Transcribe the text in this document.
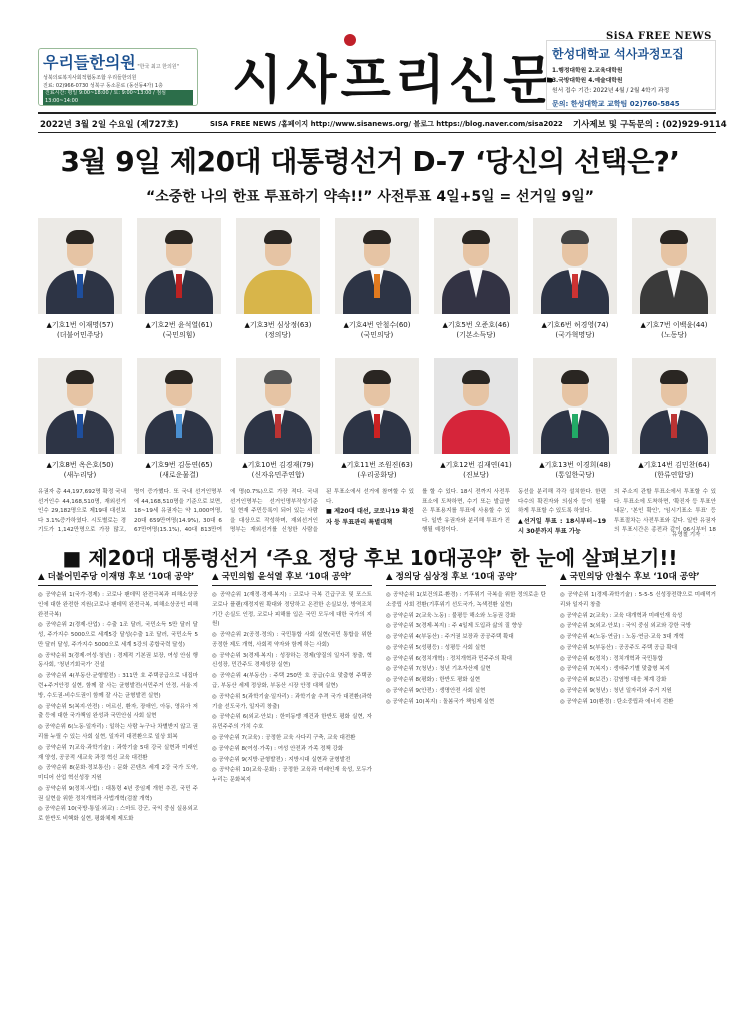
우리들한의원 "한국 최고 한의원"
성북의료복지사회적협동조합 우리들한의원
진료: 02)966-0730 성북구 동소문로 (동선동4가) 1층
진료시간: 평일 9:00~18:00 / 토: 9:00~13:00 / 점심 13:00~14:00
SiSA FREE NEWS
시사프리신문
한성대학교 석사과정모집
1.행정대학원 2.교육대학원
3.국방대학원 4.예술대학원
원서 접수 기간: 2022년 4월 / 2월 4학기 과정
문의: 한성대학교 교학팀 02)760-5845
2022년 3월 2일 수요일 (제727호)	SISA FREE NEWS /홈페이지 http://www.sisanews.org/ 블로그 https://blog.naver.com/sisa2022 기사제보 및 구독문의 : (02)929-9114
3월 9일 제20대 대통령선거 D-7 ‘당신의 선택은?’
“소중한 나의 한표 투표하기 약속!!” 사전투표 4일+5일 = 선거일 9일”
▲기호1번 이재명(57)
(더불어민주당)
▲기호2번 윤석열(61)
(국민의힘)
▲기호3번 심상정(63)
(정의당)
▲기호4번 안철수(60)
(국민의당)
▲기호5번 오준호(46)
(기본소득당)
▲기호6번 허경영(74)
(국가혁명당)
▲기호7번 이백윤(44)
(노동당)
▲기호8번 옥은호(50)
(새누리당)
▲기호9번 김동연(65)
(새로운물결)
▲기호10번 김경재(79)
(신자유민주연합)
▲기호11번 조원진(63)
(우리공화당)
▲기호12번 김재연(41)
(진보당)
▲기호13번 이경희(48)
(통일한국당)
▲기호14번 김민찬(64)
(한류연합당)
유권자 총 44,197,692명 확정 국내선거인수 44,168,510명, 재외선거인수 29,182명으로 제19대 대선보다 3.1%증가하였다. 시도별로는 경기도가 1,142만명으로 가장 많고,
명이 증가했다. 또 국내 선거인명부에 44,168,510명을 기준으로 보면, 18~19세 유권자는 약 1,000여명, 20대 659만여명(14.9%), 30대 667만여명(15.1%), 40대 813만여
에 명(0.7%)으로 가장 적다. 국내 선거인명부는 선거인명부작성기준일 현재 주민등록이 되어 있는 사람을 대상으로 작성하며, 재외선거인명부는 재외선거를 신청한 사람을
된 투표소에서 선거에 참여할 수 있다.
■ 제20대 대선, 코로나19 확진자 등 투표관리 특별대책
를 할 수 있다. 18시 전까지 사전투표소에 도착하면, 수기 또는 발급받은 투표용지를 투표에 사용할 수 있다. 일반 유권자와 분리해 투표가 진행될 예정이다.
동선을 분리해 각각 설치한다. 한편 다수의 확진자와 의심자 등이 원활하게 투표할 수 있도록 하였다.
▲선거일 투표 : 18시부터~19시 30분까지 투표 가능
의 주소지 관할 투표소에서 투표할 수 있다. 투표소에 도착하면, '확진자 등 투표안내문', '본인 확인', '임시기표소 투표' 등 투표절차는 사전투표와 같다. 일반 유권자의 투표시간은 종전과 같이 06시부터 18
유영철 기자
■ 제20대 대통령선거 ‘주요 정당 후보 10대공약’ 한 눈에 살펴보기!!
▲ 더불어민주당 이재명 후보 ‘10대 공약’

◎ 공약순위 1(국가·경제) : 코로나 팬데믹 완전극복과 피해소상공인에 대한 완전한 지원(코로나 팬데믹 완전극복, 피해소상공인 피해 완전극복)

◎ 공약순위 2(경제·산업) : 수출 1조 달러, 국민소득 5만 달러 달성, 주가지수 5000으로 세계5강 달성(수출 1조 달러, 국민소득 5만 달러 달성, 주가지수 5000으로 세계 5강의 종합국력 달성)

◎ 공약순위 3(경제·여성·청년) : 경제적 기본권 보장, 여성 안심 행동사회, '청년기회국가' 건설

◎ 공약순위 4(부동산·균형발전) : 311만 호 주택공급으로 내집마련+주거안정 실현, 함께 잘 사는 균형발전(서민주거 안정, 서울·지방, 수도권-비수도권이 함께 잘 사는 균형발전 실현)

◎ 공약순위 5(복지·안전) : 어르신, 환자, 장애인, 아동, 영유아 저출 등에 대한 국가책임 완성과 국민안심 사회 실현

◎ 공약순위 6(노동·일자리) : 일하는 사람 누구나 차별받지 않고 권리를 누릴 수 있는 사회 실현, 일자리 대전환으로 일상 회복

◎ 공약순위 7(교육·과학기술) : 과학기술 5대 강국 실현과 미래인재 양성, 공공적 새교육 과정 혁신 교육 대전환

◎ 공약순위 8(문화·정보통신) : 문화 콘텐츠 세계 2강 국가 도약, 미디어 산업 혁신성장 지원

◎ 공약순위 9(정치·사법) : 대통령 4년 중임제 개헌 추진, 국민 주권 실현을 위한 정치개혁과 사법개혁(검찰 개혁)

◎ 공약순위 10(국방·통일·외교) : 스마트 강군, 국익 중심 실용외교로 한반도 비핵화 실현, 평화체제 제도화

▲ 국민의힘 윤석열 후보 ‘10대 공약’

◎ 공약순위 1(재정·경제·복지) : 코로나 극복 긴급구조 및 포스트 코로나 플랜(재정지원 확대와 정당하고 온전한 손실보상, 방역조치 기간 손실도 인정, 코로나 피해를 입은 국민 모두에 대한 국가의 지원)

◎ 공약순위 2(공정·정의) : 국민통합 사회 실현(국민 통합을 위한 공정한 제도 개혁, 사회적 약자와 함께 하는 사회)

◎ 공약순위 3(경제·복지) : 성장하는 경제(양질의 일자리 창출, 혁신성장, 민간주도 경제성장 실현)

◎ 공약순위 4(부동산) : 주택 250만 호 공급(수요 맞춤형 주택공급, 부동산 세제 정상화, 부동산 시장 안정 대책 실현)

◎ 공약순위 5(과학기술·일자리) : 과학기술 추격 국가 대전환(과학기술 선도국가, 일자리 창출)

◎ 공약순위 6(외교·안보) : 한미동맹 재건과 한반도 평화 실현, 자유민주주의 가치 수호

◎ 공약순위 7(교육) : 공정한 교육 사다리 구축, 교육 대전환

◎ 공약순위 8(여성·가족) : 여성 안전과 가족 정책 강화

◎ 공약순위 9(지방·균형발전) : 지방시대 실현과 균형발전

◎ 공약순위 10(교육·문화) : 공정한 교육과 미래인재 육성, 모두가 누리는 문화복지

▲ 정의당 심상정 후보 ‘10대 공약’

◎ 공약순위 1(보건의료·환경) : 기후위기 극복을 위한 정의로운 탄소중립 사회 전환(기후위기 선도국가, 녹색전환 실현)

◎ 공약순위 2(교육·노동) : 불평등 해소와 노동권 강화

◎ 공약순위 3(경제·복지) : 주 4일제 도입과 삶의 질 향상

◎ 공약순위 4(부동산) : 주거권 보장과 공공주택 확대

◎ 공약순위 5(성평등) : 성평등 사회 실현

◎ 공약순위 6(정치개혁) : 정치개혁과 민주주의 확대

◎ 공약순위 7(청년) : 청년 기초자산제 실현

◎ 공약순위 8(평화) : 한반도 평화 실현

◎ 공약순위 9(안전) : 생명안전 사회 실현

◎ 공약순위 10(복지) : 돌봄국가 책임제 실현

▲ 국민의당 안철수 후보 ‘10대 공약’

◎ 공약순위 1(경제·과학기술) : 5-5-5 신성장전략으로 미래먹거리와 일자리 창출

◎ 공약순위 2(교육) : 교육 대개혁과 미래인재 육성

◎ 공약순위 3(외교·안보) : 국익 중심 외교와 강한 국방

◎ 공약순위 4(노동·연금) : 노동·연금·교육 3대 개혁

◎ 공약순위 5(부동산) : 공공주도 주택 공급 확대

◎ 공약순위 6(정치) : 정치개혁과 국민통합

◎ 공약순위 7(복지) : 생애주기별 맞춤형 복지

◎ 공약순위 8(보건) : 감염병 대응 체계 강화

◎ 공약순위 9(청년) : 청년 일자리와 주거 지원

◎ 공약순위 10(환경) : 탄소중립과 에너지 전환
